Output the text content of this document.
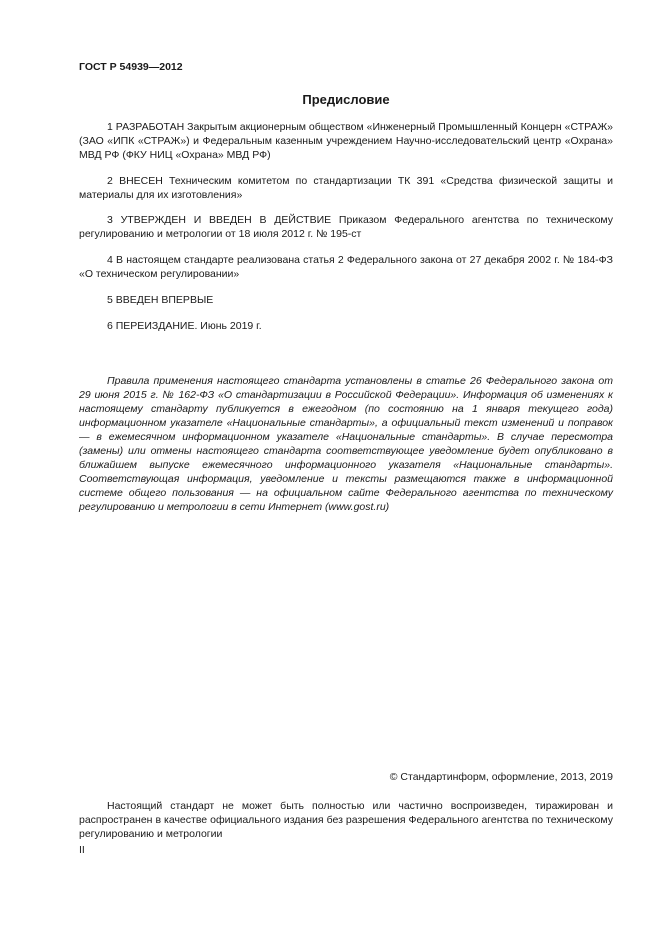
ГОСТ Р 54939—2012
Предисловие
1 РАЗРАБОТАН Закрытым акционерным обществом «Инженерный Промышленный Концерн «СТРАЖ» (ЗАО «ИПК «СТРАЖ») и Федеральным казенным учреждением Научно-исследовательский центр «Охрана» МВД РФ (ФКУ НИЦ «Охрана» МВД РФ)
2 ВНЕСЕН Техническим комитетом по стандартизации ТК 391 «Средства физической защиты и материалы для их изготовления»
3 УТВЕРЖДЕН И ВВЕДЕН В ДЕЙСТВИЕ Приказом Федерального агентства по техническому регулированию и метрологии от 18 июля 2012 г. № 195-ст
4 В настоящем стандарте реализована статья 2 Федерального закона от 27 декабря 2002 г. № 184-ФЗ «О техническом регулировании»
5 ВВЕДЕН ВПЕРВЫЕ
6 ПЕРЕИЗДАНИЕ. Июнь 2019 г.
Правила применения настоящего стандарта установлены в статье 26 Федерального закона от 29 июня 2015 г. № 162-ФЗ «О стандартизации в Российской Федерации». Информация об изменениях к настоящему стандарту публикуется в ежегодном (по состоянию на 1 января текущего года) информационном указателе «Национальные стандарты», а официальный текст изменений и поправок — в ежемесячном информационном указателе «Национальные стандарты». В случае пересмотра (замены) или отмены настоящего стандарта соответствующее уведомление будет опубликовано в ближайшем выпуске ежемесячного информационного указателя «Национальные стандарты». Соответствующая информация, уведомление и тексты размещаются также в информационной системе общего пользования — на официальном сайте Федерального агентства по техническому регулированию и метрологии в сети Интернет (www.gost.ru)
© Стандартинформ, оформление, 2013, 2019
Настоящий стандарт не может быть полностью или частично воспроизведен, тиражирован и распространен в качестве официального издания без разрешения Федерального агентства по техническому регулированию и метрологии
II
